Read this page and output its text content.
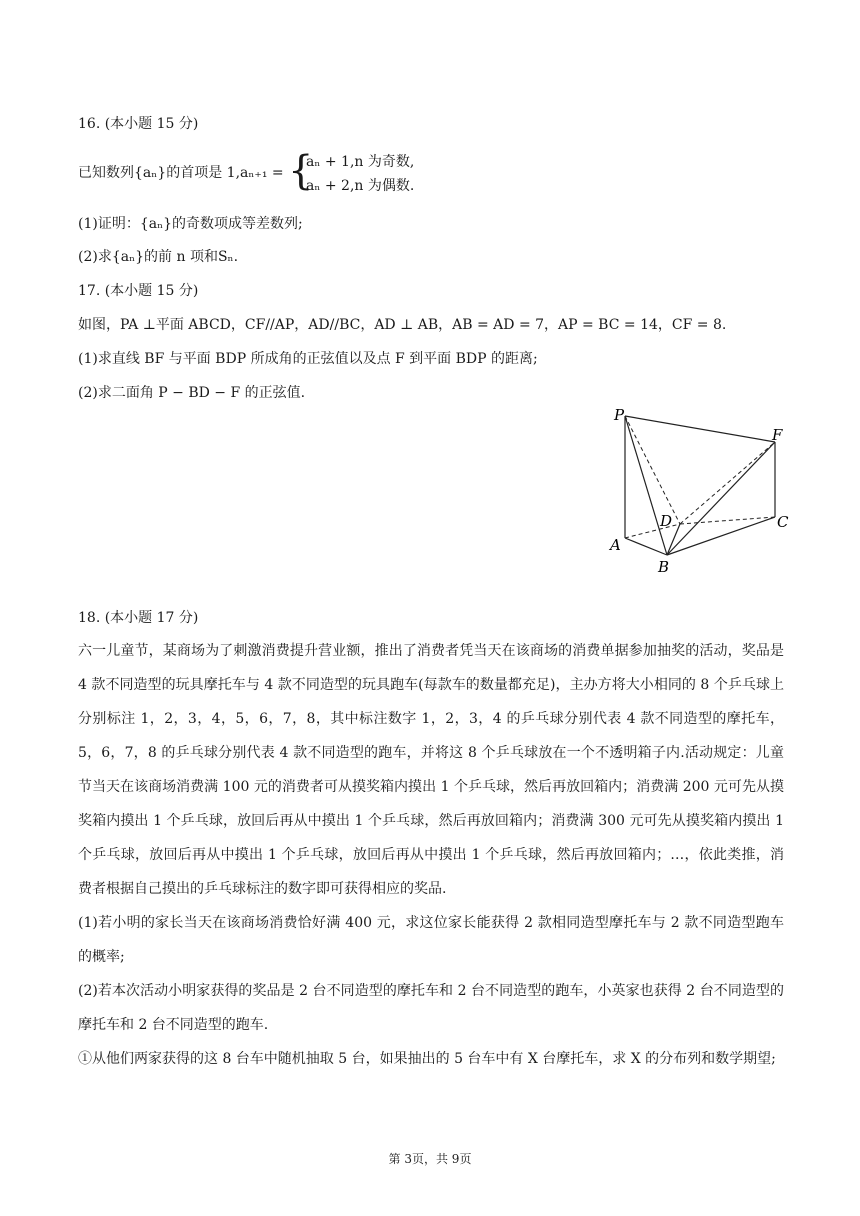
16. (本小题 15 分)
已知数列{aₙ}的首项是 1,aₙ₊₁ = {
aₙ + 1,n 为奇数,
aₙ + 2,n 为偶数.
(1)证明：{aₙ}的奇数项成等差数列;
(2)求{aₙ}的前 n 项和Sₙ.
17. (本小题 15 分)
如图，PA ⊥平面 ABCD，CF//AP，AD//BC，AD ⊥ AB，AB = AD = 7，AP = BC = 14，CF = 8.
(1)求直线 BF 与平面 BDP 所成角的正弦值以及点 F 到平面 BDP 的距离;
(2)求二面角 P − BD − F 的正弦值.
P
F
D	C
A
B
18. (本小题 17 分)
六一儿童节，某商场为了刺激消费提升营业额，推出了消费者凭当天在该商场的消费单据参加抽奖的活动，奖品是 4 款不同造型的玩具摩托车与 4 款不同造型的玩具跑车(每款车的数量都充足)，主办方将大小相同的 8 个乒乓球上分别标注 1，2，3，4，5，6，7，8，其中标注数字 1，2，3，4 的乒乓球分别代表 4 款不同造型的摩托车，5，6，7，8 的乒乓球分别代表 4 款不同造型的跑车，并将这 8 个乒乓球放在一个不透明箱子内.活动规定：儿童节当天在该商场消费满 100 元的消费者可从摸奖箱内摸出 1 个乒乓球，然后再放回箱内；消费满 200 元可先从摸奖箱内摸出 1 个乒乓球，放回后再从中摸出 1 个乒乓球，然后再放回箱内；消费满 300 元可先从摸奖箱内摸出 1 个乒乓球，放回后再从中摸出 1 个乒乓球，放回后再从中摸出 1 个乒乓球，然后再放回箱内；…，依此类推，消费者根据自己摸出的乒乓球标注的数字即可获得相应的奖品.
(1)若小明的家长当天在该商场消费恰好满 400 元，求这位家长能获得 2 款相同造型摩托车与 2 款不同造型跑车的概率;
(2)若本次活动小明家获得的奖品是 2 台不同造型的摩托车和 2 台不同造型的跑车，小英家也获得 2 台不同造型的摩托车和 2 台不同造型的跑车.
①从他们两家获得的这 8 台车中随机抽取 5 台，如果抽出的 5 台车中有 X 台摩托车，求 X 的分布列和数学期望;
第 3页，共 9页
